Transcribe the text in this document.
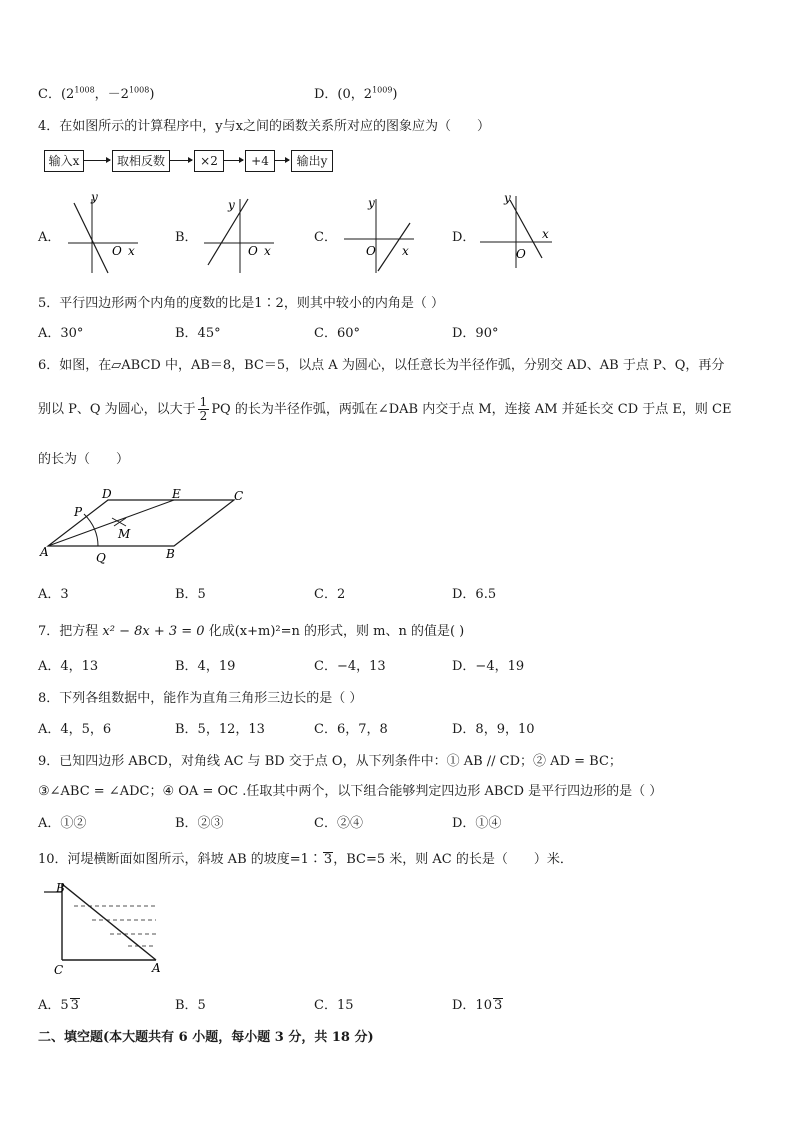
C．($2^{1008}$，$-2^{1008}$)	D．(0，$2^{1009}$)
4．在如图所示的计算程序中，y与x之间的函数关系所对应的图象应为（　　）
输入x	取相反数	×2	+4	输出y
A．
y
O x
B．
y
O x
C．
y
O x
D．
y
O
x
5．平行四边形两个内角的度数的比是1∶2，则其中较小的内角是（ ）
A．30°	B．45°	C．60°	D．90°
6．如图，在▱ABCD 中，AB＝8，BC＝5，以点 A 为圆心，以任意长为半径作弧，分别交 AD、AB 于点 P、Q，再分
别以 P、Q 为圆心，以大于 $\frac{1}{2}$ PQ 的长为半径作弧，两弧在∠DAB 内交于点 M，连接 AM 并延长交 CD 于点 E，则 CE
的长为（　　）
D	E	C
P
M
A	Q	B
A．3	B．5	C．2	D．6.5
7．把方程 x² − 8x + 3 = 0 化成(x+m)²=n 的形式，则 m、n 的值是( )
A．4，13	B．4，19	C．−4，13	D．−4，19
8．下列各组数据中，能作为直角三角形三边长的是（ ）
A．4，5，6	B．5，12，13	C．6，7，8	D．8，9，10
9．已知四边形 ABCD，对角线 AC 与 BD 交于点 O，从下列条件中：① AB // CD；② AD = BC；
③∠ABC = ∠ADC；④ OA = OC .任取其中两个，以下组合能够判定四边形 ABCD 是平行四边形的是（ ）
A．①②	B．②③	C．②④	D．①④
10．河堤横断面如图所示，斜坡 AB 的坡度=1∶ 3，BC=5 米，则 AC 的长是（　　）米．
B
C	A
A．5 3	B．5	C．15	D．10 3
二、填空题(本大题共有 6 小题，每小题 3 分，共 18 分)
